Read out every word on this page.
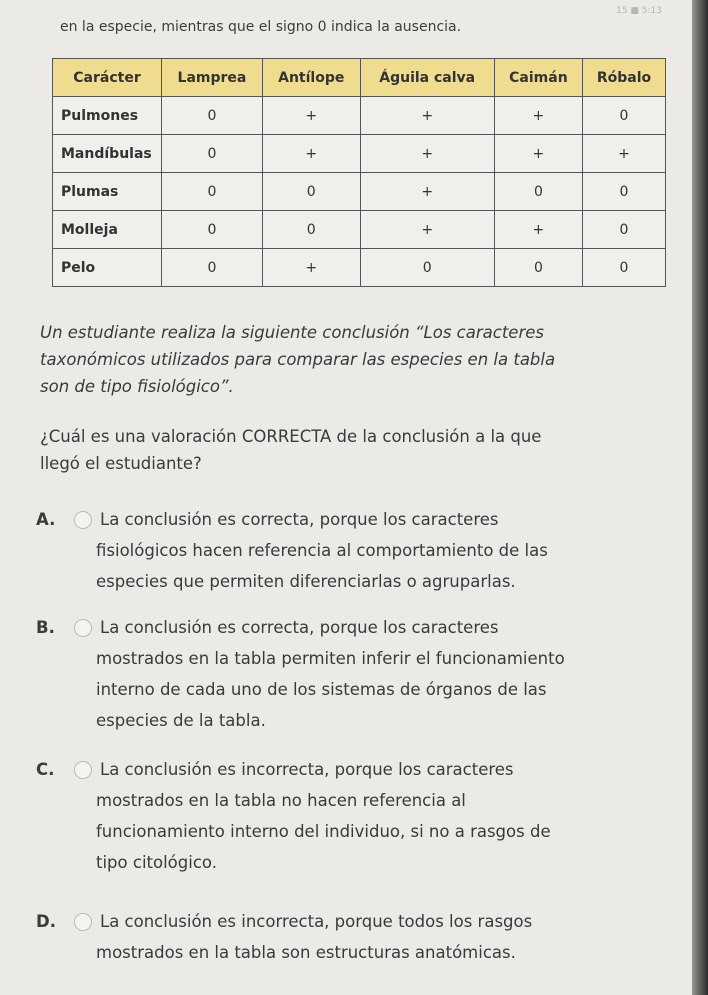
15 ■ 5:13
en la especie, mientras que el signo 0 indica la ausencia.
Carácter	Lamprea	Antílope	Águila calva	Caimán	Róbalo
Pulmones	0	+	+	+	0
Mandíbulas	0	+	+	+	+
Plumas	0	0	+	0	0
Molleja	0	0	+	+	0
Pelo	0	+	0	0	0
Un estudiante realiza la siguiente conclusión “Los caracteres
taxonómicos utilizados para comparar las especies en la tabla
son de tipo fisiológico”.
¿Cuál es una valoración CORRECTA de la conclusión a la que
llegó el estudiante?
A.	La conclusión es correcta, porque los caracteres
fisiológicos hacen referencia al comportamiento de las
especies que permiten diferenciarlas o agruparlas.
B.	La conclusión es correcta, porque los caracteres
mostrados en la tabla permiten inferir el funcionamiento
interno de cada uno de los sistemas de órganos de las
especies de la tabla.
C.	La conclusión es incorrecta, porque los caracteres
mostrados en la tabla no hacen referencia al
funcionamiento interno del individuo, si no a rasgos de
tipo citológico.
D.	La conclusión es incorrecta, porque todos los rasgos
mostrados en la tabla son estructuras anatómicas.
